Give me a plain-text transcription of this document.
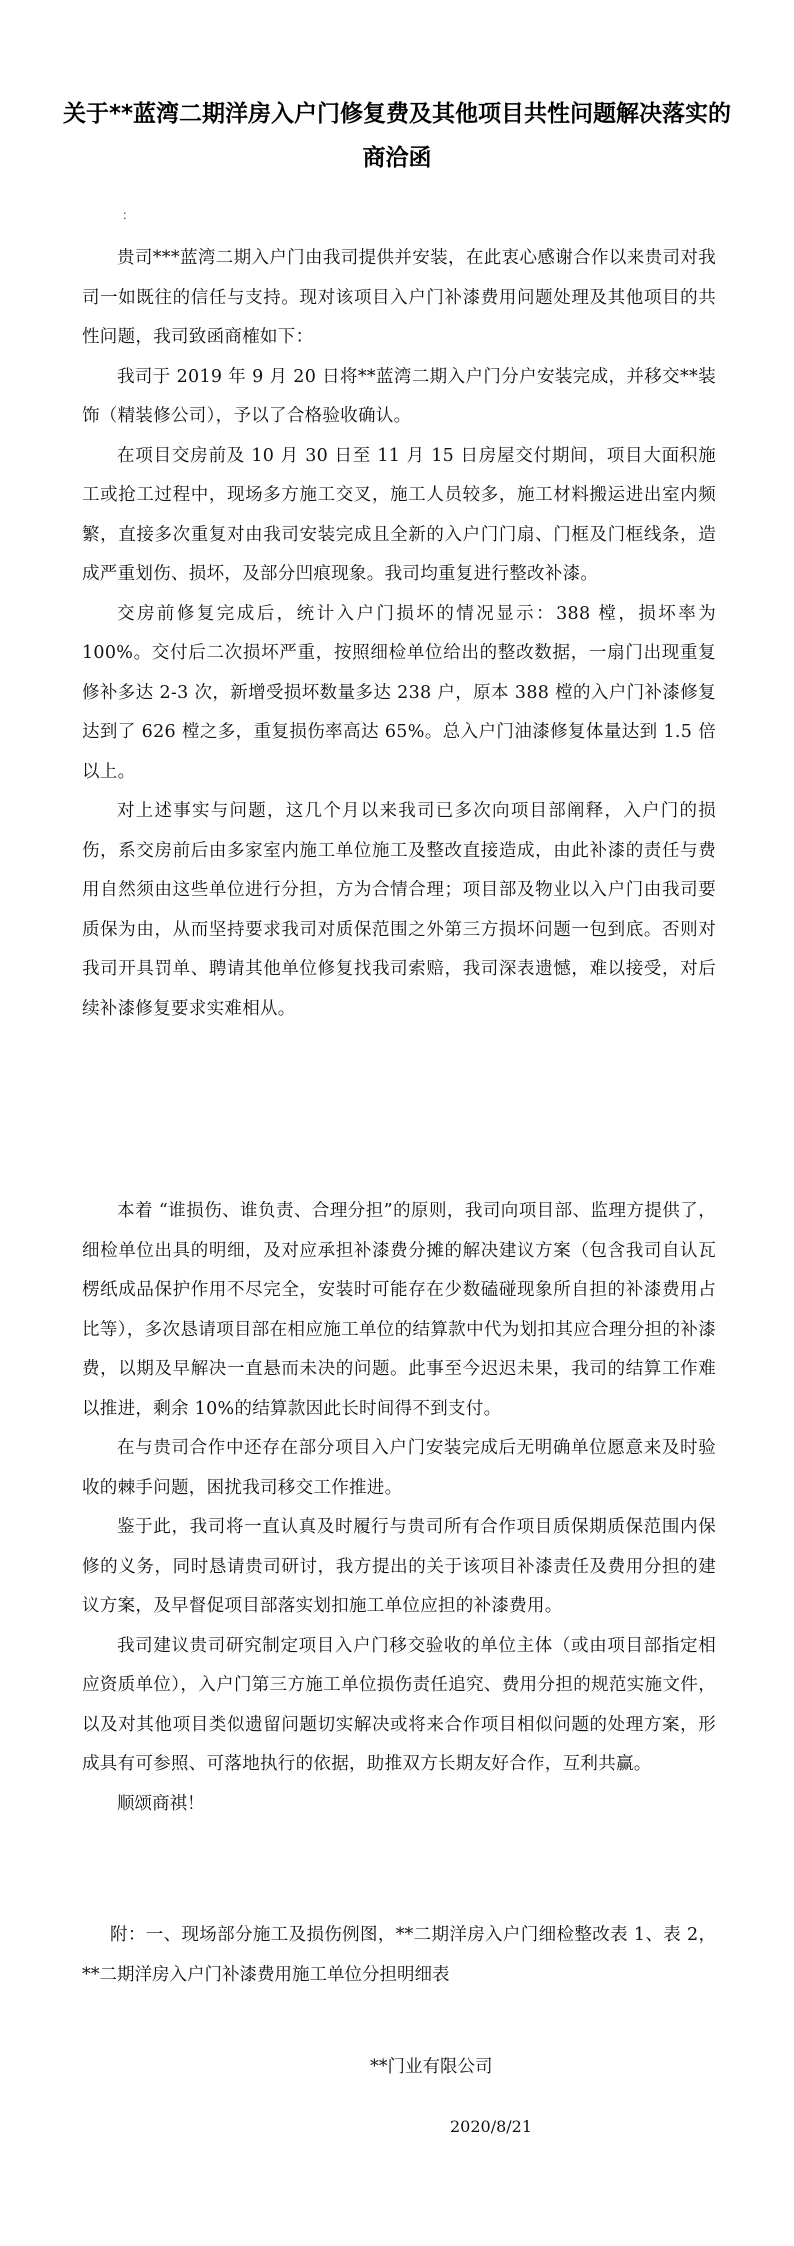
关于**蓝湾二期洋房入户门修复费及其他项目共性问题解决落实的商洽函
：

贵司***蓝湾二期入户门由我司提供并安装，在此衷心感谢合作以来贵司对我司一如既往的信任与支持。现对该项目入户门补漆费用问题处理及其他项目的共性问题，我司致函商榷如下：

我司于 2019 年 9 月 20 日将**蓝湾二期入户门分户安装完成，并移交**装饰（精装修公司），予以了合格验收确认。

在项目交房前及 10 月 30 日至 11 月 15 日房屋交付期间，项目大面积施工或抢工过程中，现场多方施工交叉，施工人员较多，施工材料搬运进出室内频繁，直接多次重复对由我司安装完成且全新的入户门门扇、门框及门框线条，造成严重划伤、损坏，及部分凹痕现象。我司均重复进行整改补漆。

交房前修复完成后，统计入户门损坏的情况显示：388 樘，损坏率为 100%。交付后二次损坏严重，按照细检单位给出的整改数据，一扇门出现重复修补多达 2-3 次，新增受损坏数量多达 238 户，原本 388 樘的入户门补漆修复达到了 626 樘之多，重复损伤率高达 65%。总入户门油漆修复体量达到 1.5 倍以上。

对上述事实与问题，这几个月以来我司已多次向项目部阐释，入户门的损伤，系交房前后由多家室内施工单位施工及整改直接造成，由此补漆的责任与费用自然须由这些单位进行分担，方为合情合理；项目部及物业以入户门由我司要质保为由，从而坚持要求我司对质保范围之外第三方损坏问题一包到底。否则对我司开具罚单、聘请其他单位修复找我司索赔，我司深表遗憾，难以接受，对后续补漆修复要求实难相从。

本着 “谁损伤、谁负责、合理分担”的原则，我司向项目部、监理方提供了，细检单位出具的明细，及对应承担补漆费分摊的解决建议方案（包含我司自认瓦楞纸成品保护作用不尽完全，安装时可能存在少数磕碰现象所自担的补漆费用占比等），多次恳请项目部在相应施工单位的结算款中代为划扣其应合理分担的补漆费，以期及早解决一直悬而未决的问题。此事至今迟迟未果，我司的结算工作难以推进，剩余 10%的结算款因此长时间得不到支付。

在与贵司合作中还存在部分项目入户门安装完成后无明确单位愿意来及时验收的棘手问题，困扰我司移交工作推进。

鉴于此，我司将一直认真及时履行与贵司所有合作项目质保期质保范围内保修的义务，同时恳请贵司研讨，我方提出的关于该项目补漆责任及费用分担的建议方案，及早督促项目部落实划扣施工单位应担的补漆费用。

我司建议贵司研究制定项目入户门移交验收的单位主体（或由项目部指定相应资质单位），入户门第三方施工单位损伤责任追究、费用分担的规范实施文件，以及对其他项目类似遗留问题切实解决或将来合作项目相似问题的处理方案，形成具有可参照、可落地执行的依据，助推双方长期友好合作，互利共赢。

顺颂商祺！

附：一、现场部分施工及损伤例图，**二期洋房入户门细检整改表 1、表 2，**二期洋房入户门补漆费用施工单位分担明细表

**门业有限公司
2020/8/21
